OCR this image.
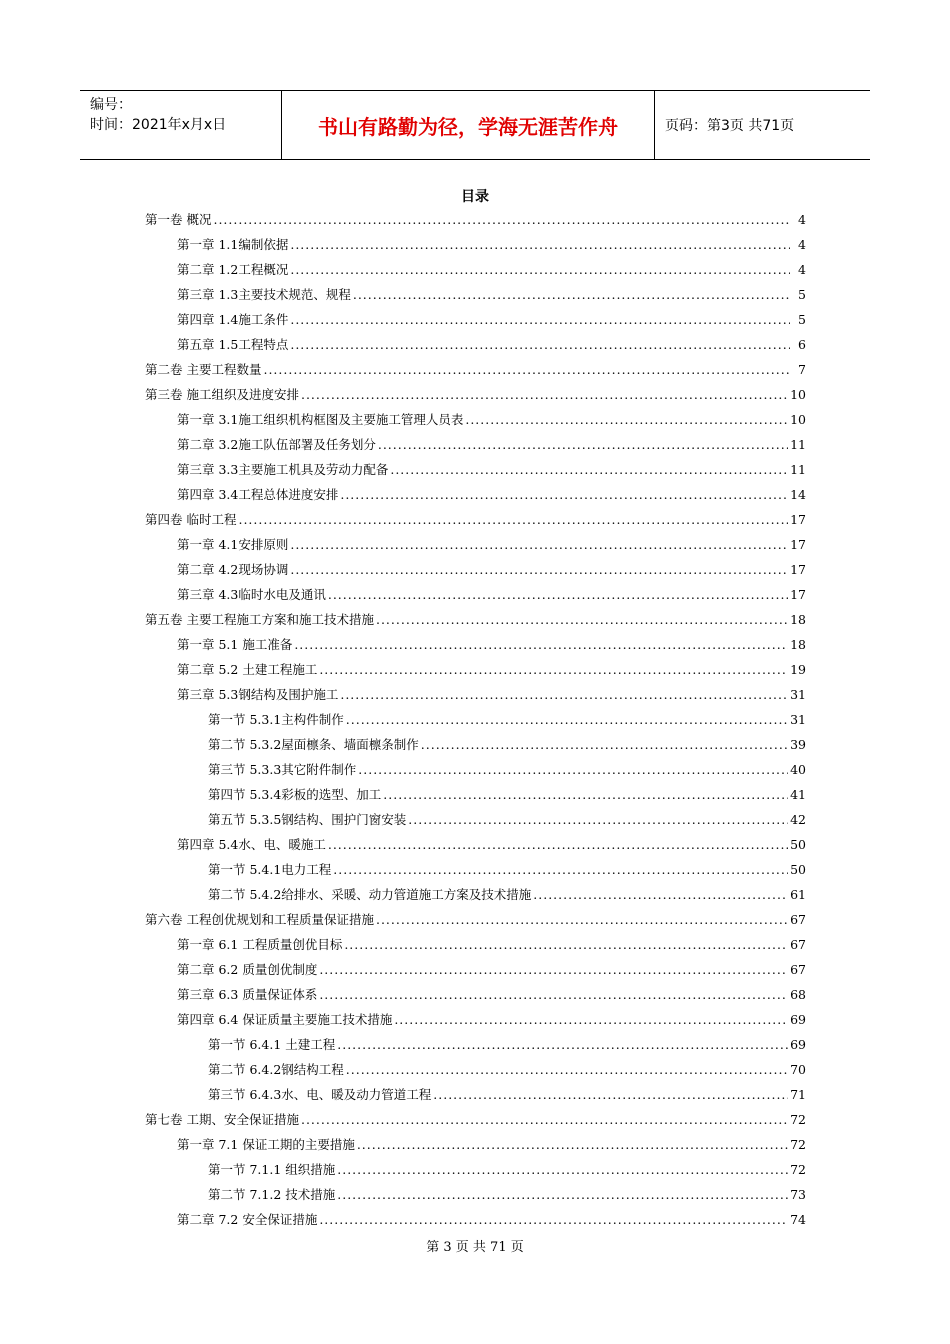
编号：
时间：2021年x月x日	书山有路勤为径，学海无涯苦作舟	页码：第3页 共71页
目录
第一卷 概况 .....	4
第一章 1.1编制依据 .....	4
第二章 1.2工程概况 .....	4
第三章 1.3主要技术规范、规程 .....	5
第四章 1.4施工条件 .....	5
第五章 1.5工程特点 .....	6
第二卷 主要工程数量 .....	7
第三卷 施工组织及进度安排 .....	10
第一章 3.1施工组织机构框图及主要施工管理人员表 .....	10
第二章 3.2施工队伍部署及任务划分 .....	11
第三章 3.3主要施工机具及劳动力配备 .....	11
第四章 3.4工程总体进度安排 .....	14
第四卷 临时工程 .....	17
第一章 4.1安排原则 .....	17
第二章 4.2现场协调 .....	17
第三章 4.3临时水电及通讯 .....	17
第五卷 主要工程施工方案和施工技术措施 .....	18
第一章 5.1 施工准备 .....	18
第二章 5.2 土建工程施工 .....	19
第三章 5.3钢结构及围护施工 .....	31
第一节 5.3.1主构件制作 .....	31
第二节 5.3.2屋面檩条、墙面檩条制作 .....	39
第三节 5.3.3其它附件制作 .....	40
第四节 5.3.4彩板的选型、加工 .....	41
第五节 5.3.5钢结构、围护门窗安装 .....	42
第四章 5.4水、电、暖施工 .....	50
第一节 5.4.1电力工程 .....	50
第二节 5.4.2给排水、采暖、动力管道施工方案及技术措施 .....	61
第六卷 工程创优规划和工程质量保证措施 .....	67
第一章 6.1 工程质量创优目标 .....	67
第二章 6.2 质量创优制度 .....	67
第三章 6.3 质量保证体系 .....	68
第四章 6.4 保证质量主要施工技术措施 .....	69
第一节 6.4.1 土建工程 .....	69
第二节 6.4.2钢结构工程 .....	70
第三节 6.4.3水、电、暖及动力管道工程 .....	71
第七卷 工期、安全保证措施 .....	72
第一章 7.1 保证工期的主要措施 .....	72
第一节 7.1.1 组织措施 .....	72
第二节 7.1.2 技术措施 .....	73
第二章 7.2 安全保证措施 .....	74
第 3 页 共 71 页
